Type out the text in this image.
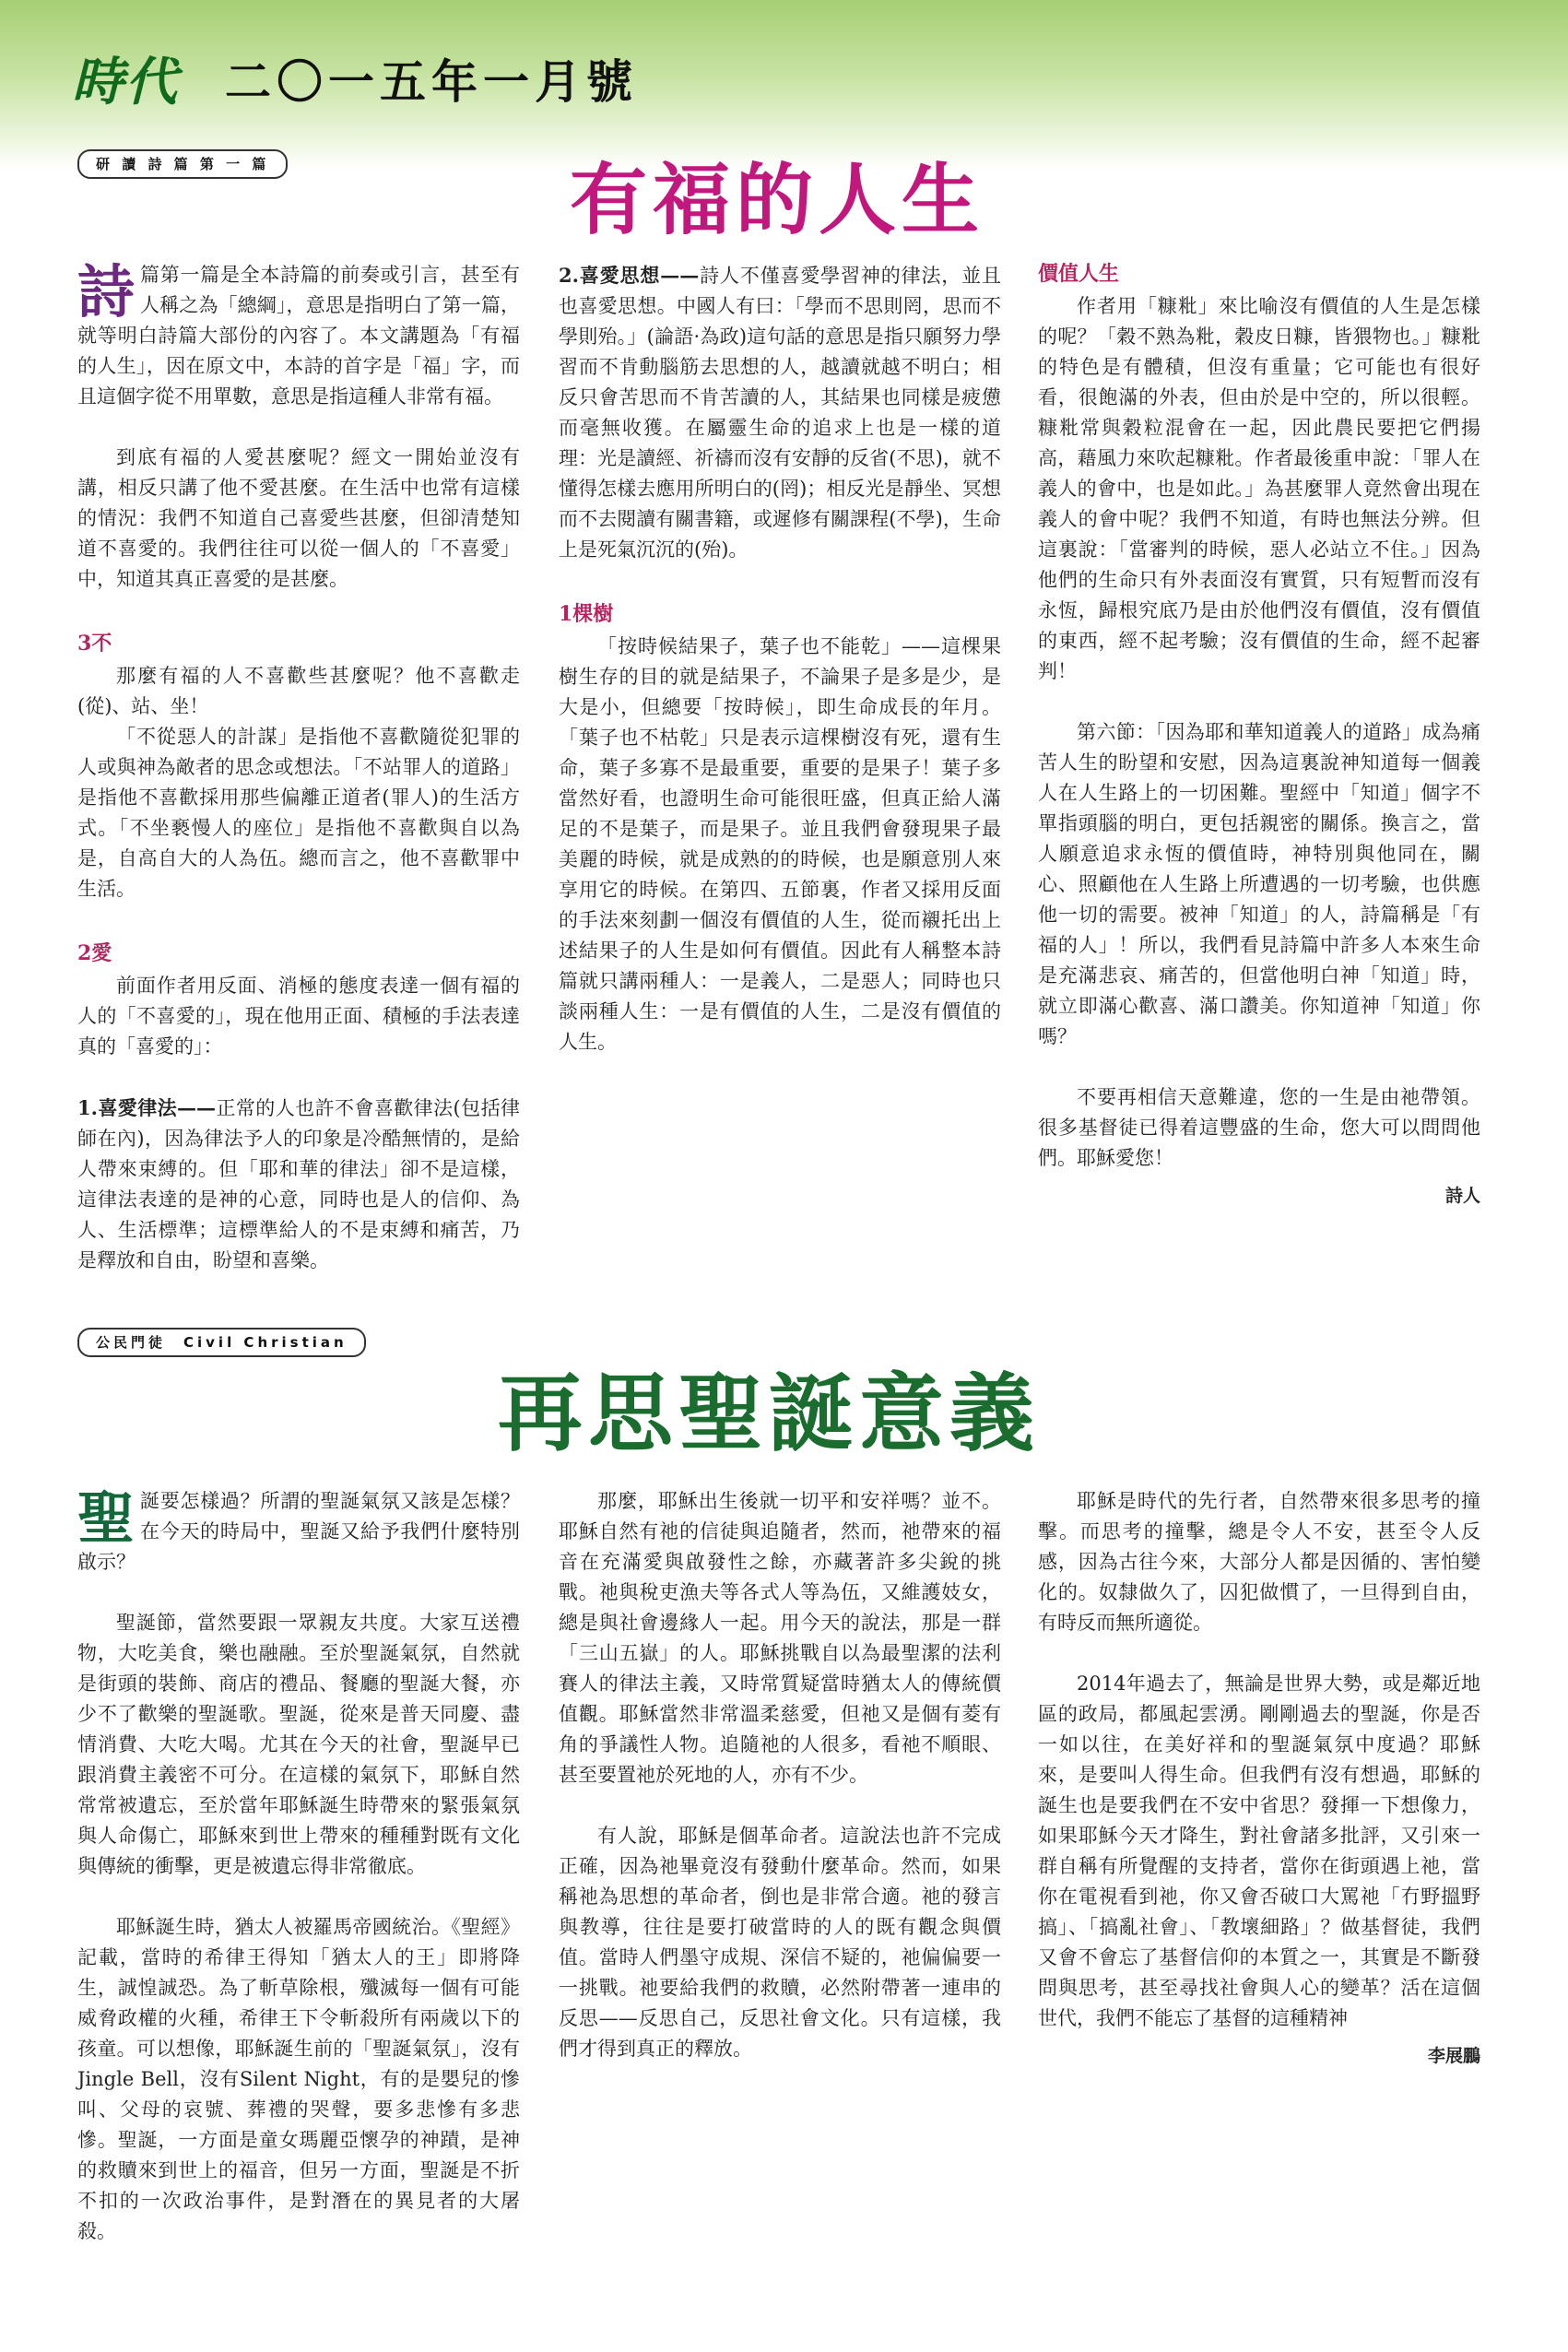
時代 二〇一五年一月號
研 讀 詩 篇 第 一 篇	有福的人生

詩篇第一篇是全本詩篇的前奏或引言，甚至有人稱之為「總綱」，意思是指明白了第一篇，就等明白詩篇大部份的內容了。本文講題為「有福的人生」，因在原文中，本詩的首字是「福」字，而且這個字從不用單數，意思是指這種人非常有福。

到底有福的人愛甚麼呢？經文一開始並沒有講，相反只講了他不愛甚麼。在生活中也常有這樣的情況：我們不知道自己喜愛些甚麼，但卻清楚知道不喜愛的。我們往往可以從一個人的「不喜愛」中，知道其真正喜愛的是甚麼。

3不

那麼有福的人不喜歡些甚麼呢？他不喜歡走(從)、站、坐！

「不從惡人的計謀」是指他不喜歡隨從犯罪的人或與神為敵者的思念或想法。「不站罪人的道路」是指他不喜歡採用那些偏離正道者(罪人)的生活方式。「不坐褻慢人的座位」是指他不喜歡與自以為是，自高自大的人為伍。總而言之，他不喜歡罪中生活。

2愛

前面作者用反面、消極的態度表達一個有福的人的「不喜愛的」，現在他用正面、積極的手法表達真的「喜愛的」：

1.喜愛律法——正常的人也許不會喜歡律法(包括律師在內)，因為律法予人的印象是冷酷無情的，是給人帶來束縛的。但「耶和華的律法」卻不是這樣，這律法表達的是神的心意，同時也是人的信仰、為人、生活標準；這標準給人的不是束縛和痛苦，乃是釋放和自由，盼望和喜樂。

2.喜愛思想——詩人不僅喜愛學習神的律法，並且也喜愛思想。中國人有曰：「學而不思則罔，思而不學則殆。」(論語·為政)這句話的意思是指只願努力學習而不肯動腦筋去思想的人，越讀就越不明白；相反只會苦思而不肯苦讀的人，其結果也同樣是疲憊而毫無收獲。在屬靈生命的追求上也是一樣的道理：光是讀經、祈禱而沒有安靜的反省(不思)，就不懂得怎樣去應用所明白的(罔)；相反光是靜坐、冥想而不去閱讀有關書籍，或遲修有關課程(不學)，生命上是死氣沉沉的(殆)。

1棵樹

「按時候結果子，葉子也不能乾」——這棵果樹生存的目的就是結果子，不論果子是多是少，是大是小，但總要「按時候」，即生命成長的年月。「葉子也不枯乾」只是表示這棵樹沒有死，還有生命，葉子多寡不是最重要，重要的是果子！葉子多當然好看，也證明生命可能很旺盛，但真正給人滿足的不是葉子，而是果子。並且我們會發現果子最美麗的時候，就是成熟的的時候，也是願意別人來享用它的時候。在第四、五節裏，作者又採用反面的手法來刻劃一個沒有價值的人生，從而襯托出上述結果子的人生是如何有價值。因此有人稱整本詩篇就只講兩種人：一是義人，二是惡人；同時也只談兩種人生：一是有價值的人生，二是沒有價值的人生。

價值人生

作者用「糠粃」來比喻沒有價值的人生是怎樣的呢？「穀不熟為粃，穀皮日糠，皆猥物也。」糠粃的特色是有體積，但沒有重量；它可能也有很好看，很飽滿的外表，但由於是中空的，所以很輕。糠粃常與穀粒混會在一起，因此農民要把它們揚高，藉風力來吹起糠粃。作者最後重申說：「罪人在義人的會中，也是如此。」為甚麼罪人竟然會出現在義人的會中呢？我們不知道，有時也無法分辨。但這裏說：「當審判的時候，惡人必站立不住。」因為他們的生命只有外表面沒有實質，只有短暫而沒有永恆，歸根究底乃是由於他們沒有價值，沒有價值的東西，經不起考驗；沒有價值的生命，經不起審判！

第六節：「因為耶和華知道義人的道路」成為痛苦人生的盼望和安慰，因為這裏說神知道每一個義人在人生路上的一切困難。聖經中「知道」個字不單指頭腦的明白，更包括親密的關係。換言之，當人願意追求永恆的價值時，神特別與他同在，關心、照顧他在人生路上所遭遇的一切考驗，也供應他一切的需要。被神「知道」的人，詩篇稱是「有福的人」！所以，我們看見詩篇中許多人本來生命是充滿悲哀、痛苦的，但當他明白神「知道」時，就立即滿心歡喜、滿口讚美。你知道神「知道」你嗎？

不要再相信天意難違，您的一生是由祂帶領。很多基督徒已得着這豐盛的生命，您大可以問問他們。耶穌愛您！

詩人
公民門徒　Civil Christian
再思聖誕意義

聖誕要怎樣過？所謂的聖誕氣氛又該是怎樣？在今天的時局中，聖誕又給予我們什麼特別啟示？

聖誕節，當然要跟一眾親友共度。大家互送禮物，大吃美食，樂也融融。至於聖誕氣氛，自然就是街頭的裝飾、商店的禮品、餐廳的聖誕大餐，亦少不了歡樂的聖誕歌。聖誕，從來是普天同慶、盡情消費、大吃大喝。尤其在今天的社會，聖誕早已跟消費主義密不可分。在這樣的氣氛下，耶穌自然常常被遺忘，至於當年耶穌誕生時帶來的緊張氣氛與人命傷亡，耶穌來到世上帶來的種種對既有文化與傳統的衝擊，更是被遺忘得非常徹底。

耶穌誕生時，猶太人被羅馬帝國統治。《聖經》記載，當時的希律王得知「猶太人的王」即將降生，誠惶誠恐。為了斬草除根，殲滅每一個有可能威脅政權的火種，希律王下令斬殺所有兩歲以下的孩童。可以想像，耶穌誕生前的「聖誕氣氛」，沒有Jingle Bell，沒有Silent Night，有的是嬰兒的慘叫、父母的哀號、葬禮的哭聲，要多悲慘有多悲慘。聖誕，一方面是童女瑪麗亞懷孕的神蹟，是神的救贖來到世上的福音，但另一方面，聖誕是不折不扣的一次政治事件，是對潛在的異見者的大屠殺。

那麼，耶穌出生後就一切平和安祥嗎？並不。耶穌自然有祂的信徒與追隨者，然而，祂帶來的福音在充滿愛與啟發性之餘，亦藏著許多尖銳的挑戰。祂與稅吏漁夫等各式人等為伍，又維護妓女，總是與社會邊緣人一起。用今天的說法，那是一群「三山五嶽」的人。耶穌挑戰自以為最聖潔的法利賽人的律法主義，又時常質疑當時猶太人的傳統價值觀。耶穌當然非常溫柔慈愛，但祂又是個有菱有角的爭議性人物。追隨祂的人很多，看祂不順眼、甚至要置祂於死地的人，亦有不少。

有人說，耶穌是個革命者。這說法也許不完成正確，因為祂畢竟沒有發動什麼革命。然而，如果稱祂為思想的革命者，倒也是非常合適。祂的發言與教導，往往是要打破當時的人的既有觀念與價值。當時人們墨守成規、深信不疑的，祂偏偏要一一挑戰。祂要給我們的救贖，必然附帶著一連串的反思——反思自己，反思社會文化。只有這樣，我們才得到真正的釋放。

耶穌是時代的先行者，自然帶來很多思考的撞擊。而思考的撞擊，總是令人不安，甚至令人反感，因為古往今來，大部分人都是因循的、害怕變化的。奴隸做久了，囚犯做慣了，一旦得到自由，有時反而無所適從。

2014年過去了，無論是世界大勢，或是鄰近地區的政局，都風起雲湧。剛剛過去的聖誕，你是否一如以往，在美好祥和的聖誕氣氛中度過？耶穌來，是要叫人得生命。但我們有沒有想過，耶穌的誕生也是要我們在不安中省思？發揮一下想像力，如果耶穌今天才降生，對社會諸多批評，又引來一群自稱有所覺醒的支持者，當你在街頭遇上祂，當你在電視看到祂，你又會否破口大罵祂「冇野搵野搞」、「搞亂社會」、「教壞細路」？做基督徒，我們又會不會忘了基督信仰的本質之一，其實是不斷發問與思考，甚至尋找社會與人心的變革？活在這個世代，我們不能忘了基督的這種精神

李展鵬
